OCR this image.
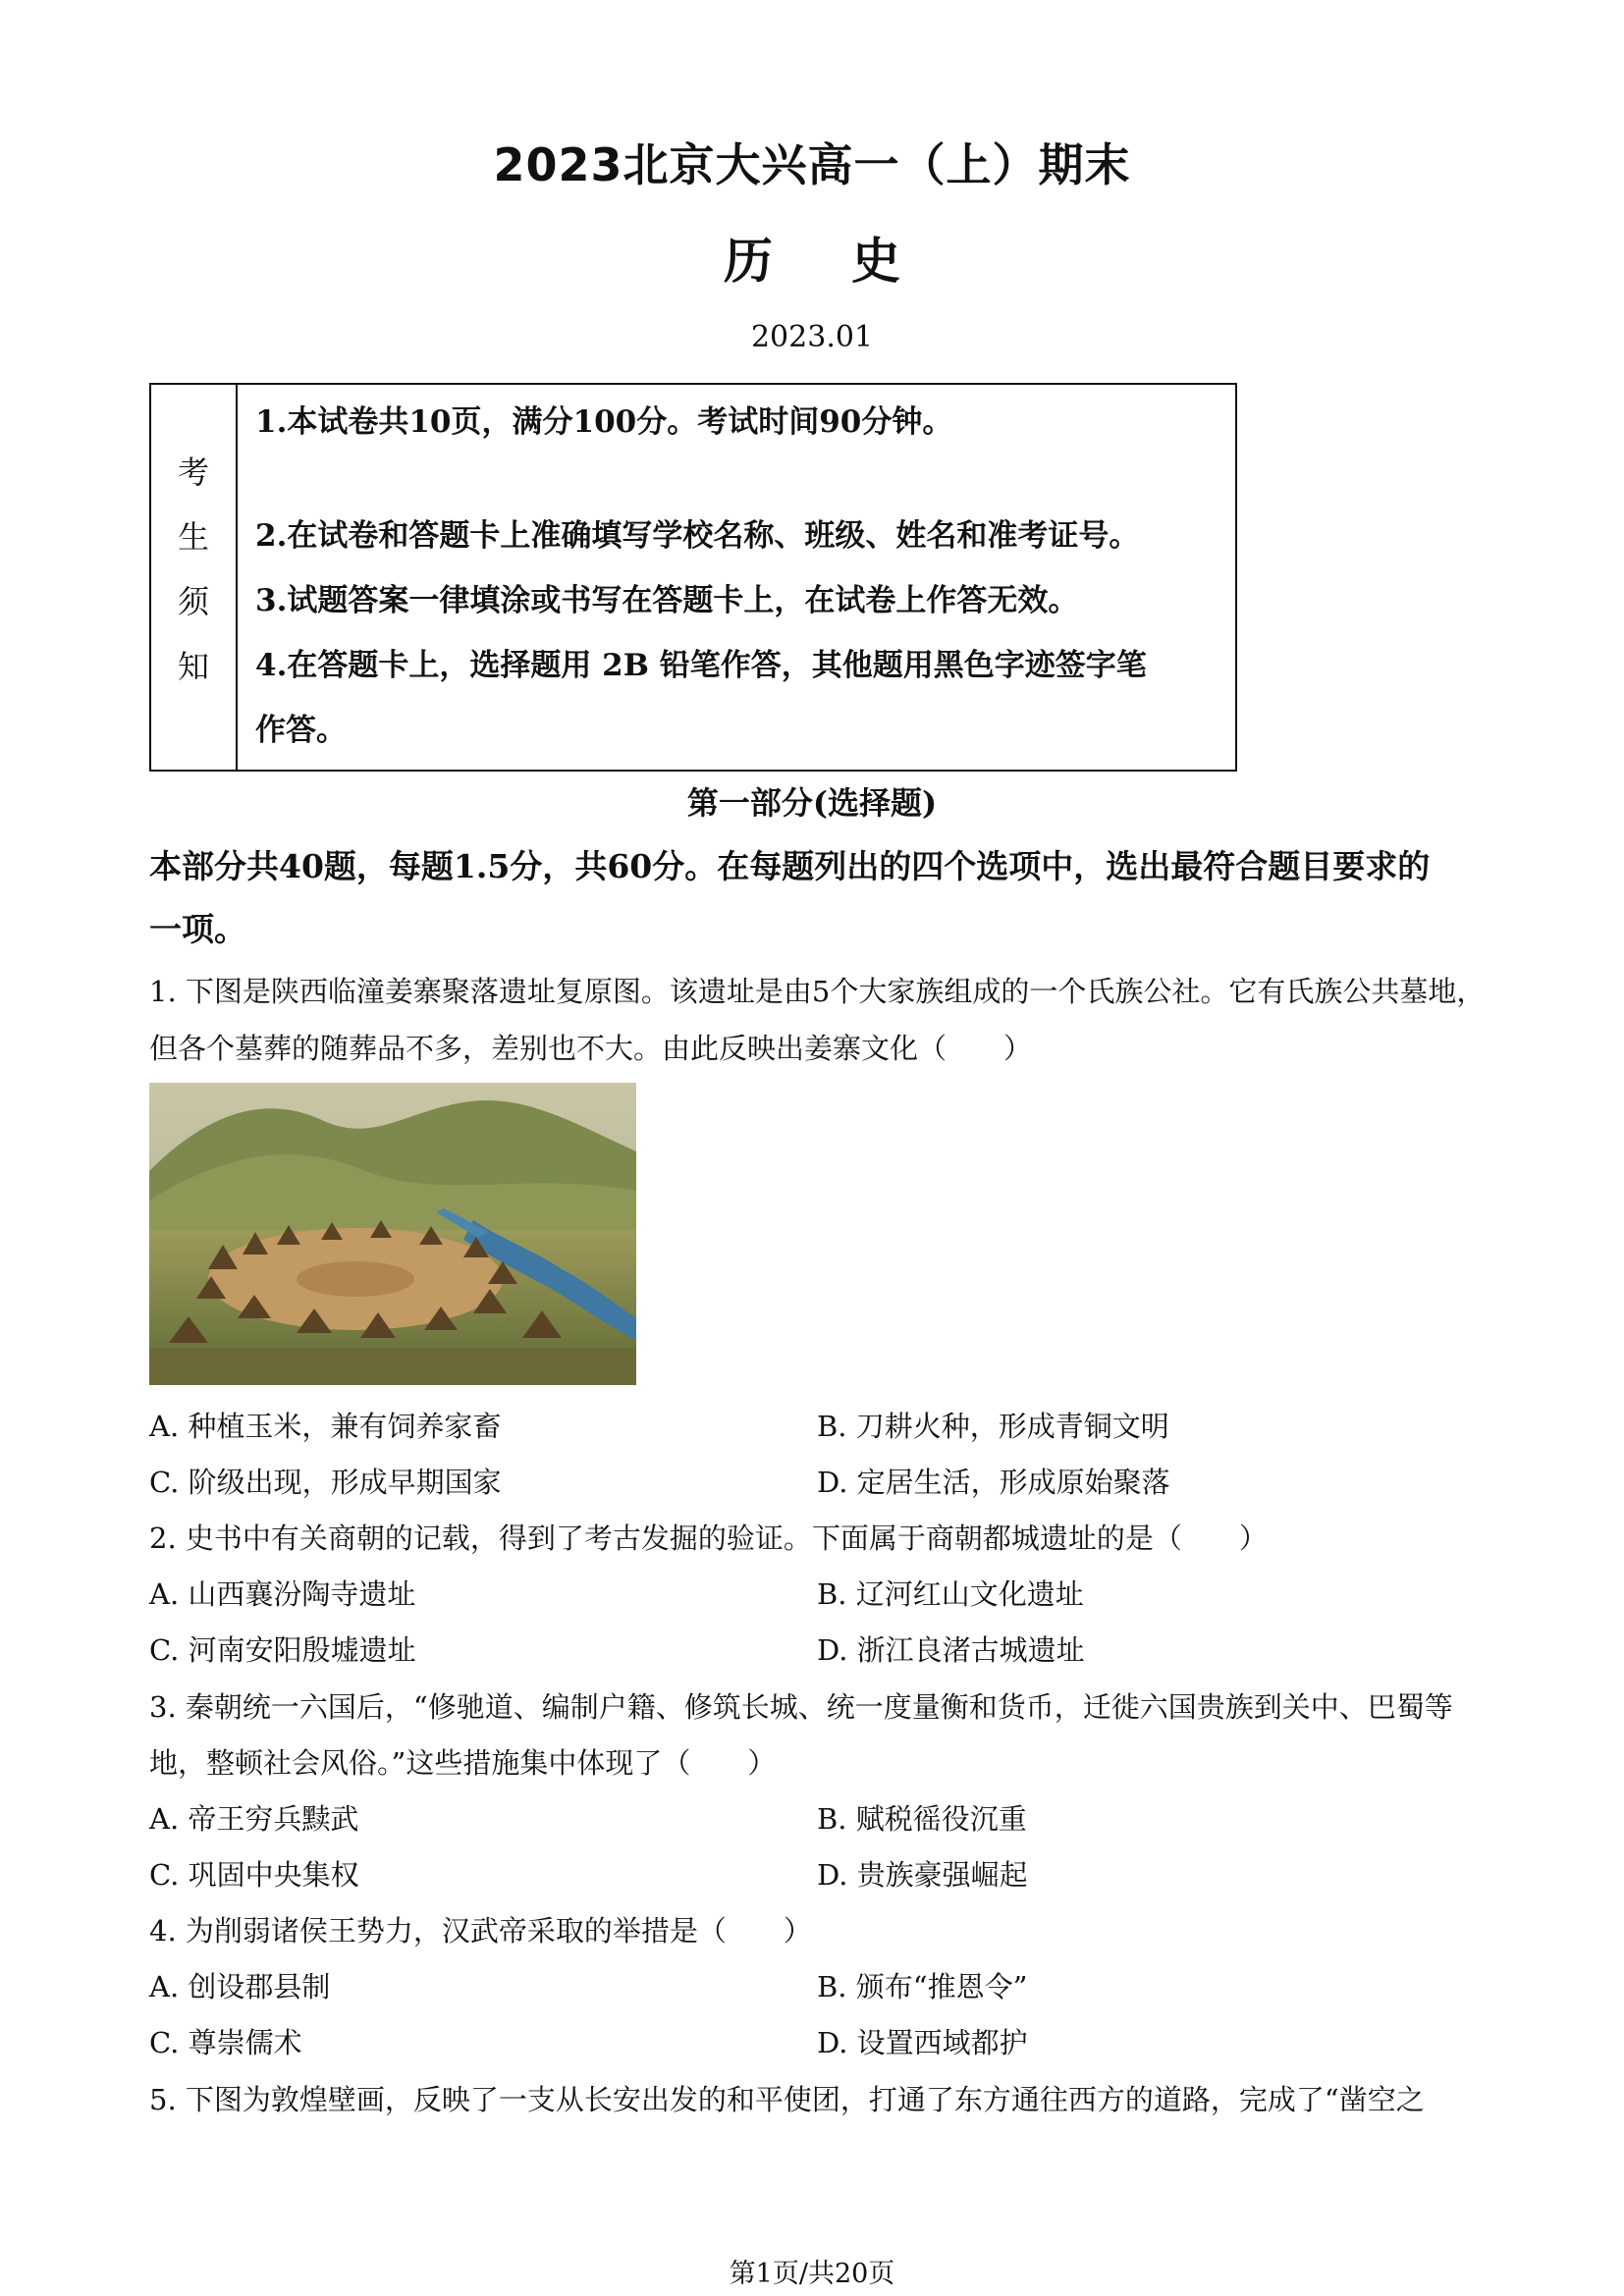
2023北京大兴高一（上）期末
历史
2023.01
考
生
须
知
1.本试卷共10页，满分100分。考试时间90分钟。
2.在试卷和答题卡上准确填写学校名称、班级、姓名和准考证号。
3.试题答案一律填涂或书写在答题卡上，在试卷上作答无效。
4.在答题卡上，选择题用 2B 铅笔作答，其他题用黑色字迹签字笔
作答。
第一部分(选择题)
本部分共40题，每题1.5分，共60分。在每题列出的四个选项中，选出最符合题目要求的
一项。
1. 下图是陕西临潼姜寨聚落遗址复原图。该遗址是由5个大家族组成的一个氏族公社。它有氏族公共墓地，
但各个墓葬的随葬品不多，差别也不大。由此反映出姜寨文化（　　）
A. 种植玉米，兼有饲养家畜	B. 刀耕火种，形成青铜文明
C. 阶级出现，形成早期国家	D. 定居生活，形成原始聚落
2. 史书中有关商朝的记载，得到了考古发掘的验证。下面属于商朝都城遗址的是（　　）
A. 山西襄汾陶寺遗址	B. 辽河红山文化遗址
C. 河南安阳殷墟遗址	D. 浙江良渚古城遗址
3. 秦朝统一六国后，“修驰道、编制户籍、修筑长城、统一度量衡和货币，迁徙六国贵族到关中、巴蜀等
地，整顿社会风俗。”这些措施集中体现了（　　）
A. 帝王穷兵黩武	B. 赋税徭役沉重
C. 巩固中央集权	D. 贵族豪强崛起
4. 为削弱诸侯王势力，汉武帝采取的举措是（　　）
A. 创设郡县制	B. 颁布“推恩令”
C. 尊崇儒术	D. 设置西域都护
5. 下图为敦煌壁画，反映了一支从长安出发的和平使团，打通了东方通往西方的道路，完成了“凿空之
第1页/共20页
